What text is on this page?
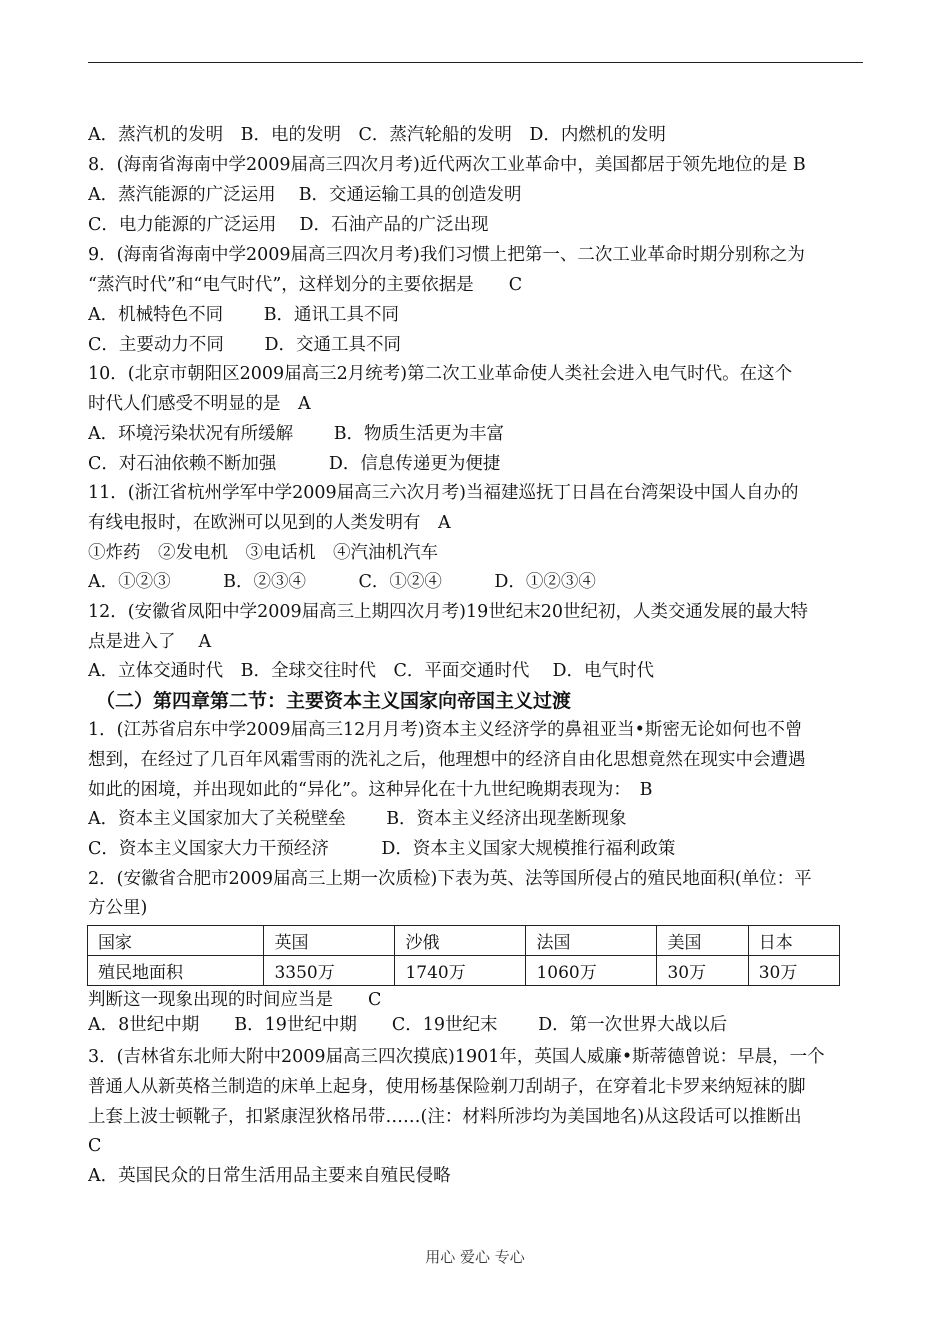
A．蒸汽机的发明　B．电的发明　C．蒸汽轮船的发明　D．内燃机的发明
8．(海南省海南中学2009届高三四次月考)近代两次工业革命中，美国都居于领先地位的是 B
A．蒸汽能源的广泛运用　 B．交通运输工具的创造发明
C．电力能源的广泛运用　 D．石油产品的广泛出现
9．(海南省海南中学2009届高三四次月考)我们习惯上把第一、二次工业革命时期分别称之为
“蒸汽时代”和“电气时代”，这样划分的主要依据是　　C
A．机械特色不同　　 B．通讯工具不同
C．主要动力不同　　 D．交通工具不同
10．(北京市朝阳区2009届高三2月统考)第二次工业革命使人类社会进入电气时代。在这个
时代人们感受不明显的是　A
A．环境污染状况有所缓解　　 B．物质生活更为丰富
C．对石油依赖不断加强　　　D．信息传递更为便捷
11．(浙江省杭州学军中学2009届高三六次月考)当福建巡抚丁日昌在台湾架设中国人自办的
有线电报时，在欧洲可以见到的人类发明有　A
①炸药　②发电机　③电话机　④汽油机汽车
A．①②③　　　B．②③④　　　C．①②④　　　D．①②③④
12．(安徽省凤阳中学2009届高三上期四次月考)19世纪末20世纪初，人类交通发展的最大特
点是进入了　 A
A．立体交通时代　B．全球交往时代　C．平面交通时代　 D．电气时代
（二）第四章第二节：主要资本主义国家向帝国主义过渡
1．(江苏省启东中学2009届高三12月月考)资本主义经济学的鼻祖亚当•斯密无论如何也不曾
想到，在经过了几百年风霜雪雨的洗礼之后，他理想中的经济自由化思想竟然在现实中会遭遇
如此的困境，并出现如此的“异化”。这种异化在十九世纪晚期表现为：　B
A．资本主义国家加大了关税壁垒　　 B．资本主义经济出现垄断现象
C．资本主义国家大力干预经济　　　D．资本主义国家大规模推行福利政策
2．(安徽省合肥市2009届高三上期一次质检)下表为英、法等国所侵占的殖民地面积(单位：平
方公里)
国家	英国	沙俄	法国	美国	日本
殖民地面积	3350万	1740万	1060万	30万	30万
判断这一现象出现的时间应当是　　C
A．8世纪中期　　B．19世纪中期　　C．19世纪末　　 D．第一次世界大战以后
3．(吉林省东北师大附中2009届高三四次摸底)1901年，英国人威廉•斯蒂德曾说：早晨，一个
普通人从新英格兰制造的床单上起身，使用杨基保险剃刀刮胡子，在穿着北卡罗来纳短袜的脚
上套上波士顿靴子，扣紧康涅狄格吊带……(注：材料所涉均为美国地名)从这段话可以推断出
C
A．英国民众的日常生活用品主要来自殖民侵略
用心 爱心 专心
